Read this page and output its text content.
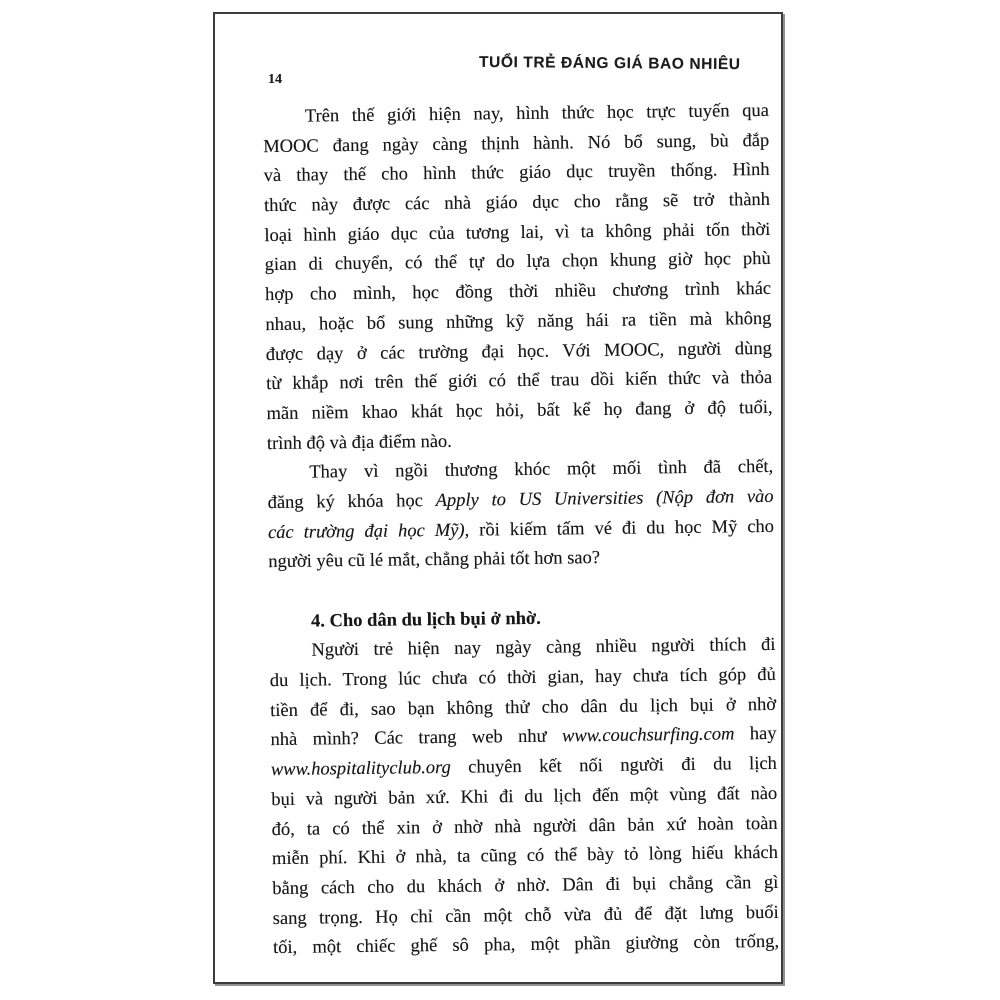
TUỔI TRẺ ĐÁNG GIÁ BAO NHIÊU
14
Trên thế giới hiện nay, hình thức học trực tuyến qua
MOOC đang ngày càng thịnh hành. Nó bổ sung, bù đắp
và thay thế cho hình thức giáo dục truyền thống. Hình
thức này được các nhà giáo dục cho rằng sẽ trở thành
loại hình giáo dục của tương lai, vì ta không phải tốn thời
gian di chuyển, có thể tự do lựa chọn khung giờ học phù
hợp cho mình, học đồng thời nhiều chương trình khác
nhau, hoặc bổ sung những kỹ năng hái ra tiền mà không
được dạy ở các trường đại học. Với MOOC, người dùng
từ khắp nơi trên thế giới có thể trau dồi kiến thức và thỏa
mãn niềm khao khát học hỏi, bất kể họ đang ở độ tuổi,
trình độ và địa điểm nào.
Thay vì ngồi thương khóc một mối tình đã chết,
đăng ký khóa học Apply to US Universities (Nộp đơn vào
các trường đại học Mỹ), rồi kiếm tấm vé đi du học Mỹ cho
người yêu cũ lé mắt, chẳng phải tốt hơn sao?
4. Cho dân du lịch bụi ở nhờ.
Người trẻ hiện nay ngày càng nhiều người thích đi
du lịch. Trong lúc chưa có thời gian, hay chưa tích góp đủ
tiền để đi, sao bạn không thử cho dân du lịch bụi ở nhờ
nhà mình? Các trang web như www.couchsurfing.com hay
www.hospitalityclub.org chuyên kết nối người đi du lịch
bụi và người bản xứ. Khi đi du lịch đến một vùng đất nào
đó, ta có thể xin ở nhờ nhà người dân bản xứ hoàn toàn
miễn phí. Khi ở nhà, ta cũng có thể bày tỏ lòng hiếu khách
bằng cách cho du khách ở nhờ. Dân đi bụi chẳng cần gì
sang trọng. Họ chỉ cần một chỗ vừa đủ để đặt lưng buổi
tối, một chiếc ghế sô pha, một phần giường còn trống,
